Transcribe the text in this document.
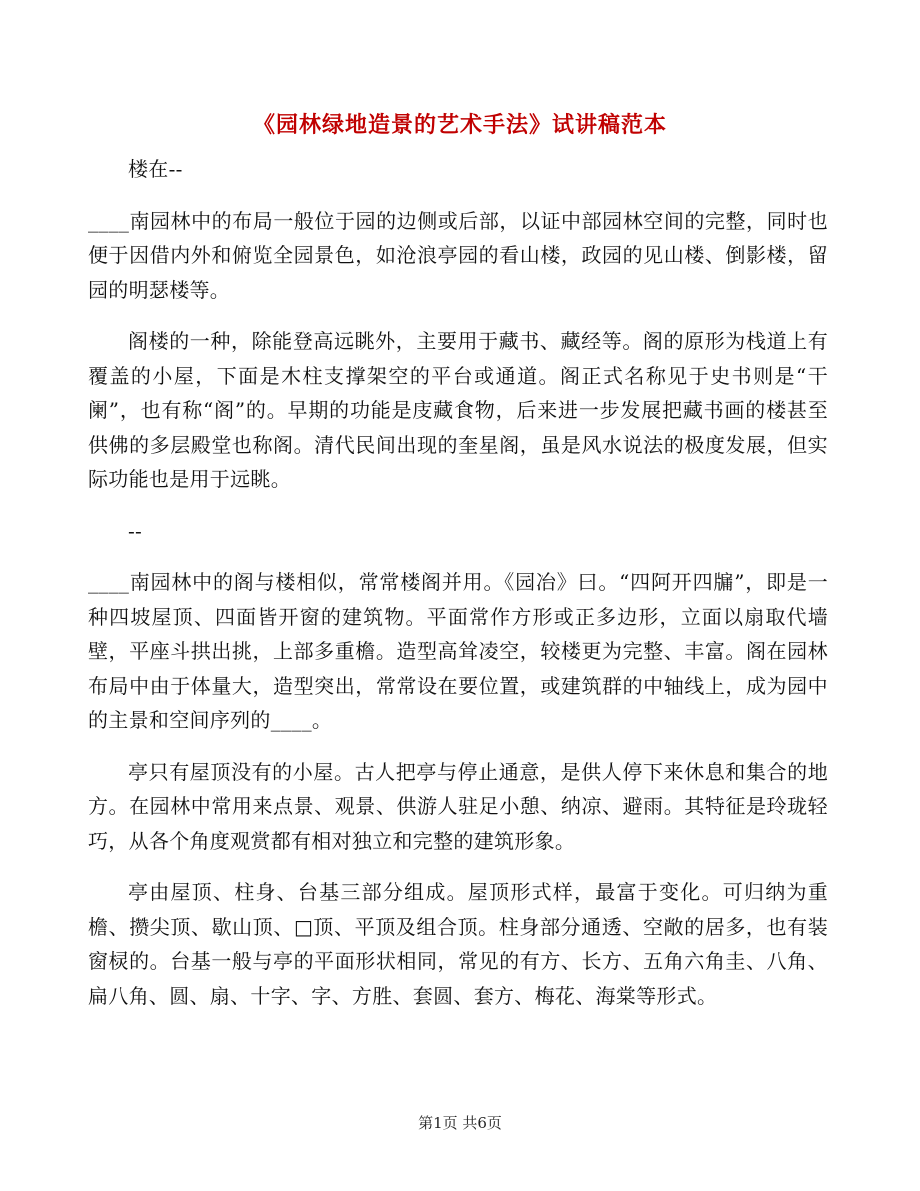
《园林绿地造景的艺术手法》试讲稿范本

楼在--

____南园林中的布局一般位于园的边侧或后部，以证中部园林空间的完整，同时也便于因借内外和俯览全园景色，如沧浪亭园的看山楼，政园的见山楼、倒影楼，留园的明瑟楼等。

阁楼的一种，除能登高远眺外，主要用于藏书、藏经等。阁的原形为栈道上有覆盖的小屋，下面是木柱支撑架空的平台或通道。阁正式名称见于史书则是“干阑”，也有称“阁”的。早期的功能是庋藏食物，后来进一步发展把藏书画的楼甚至供佛的多层殿堂也称阁。清代民间出现的奎星阁，虽是风水说法的极度发展，但实际功能也是用于远眺。

--

____南园林中的阁与楼相似，常常楼阁并用。《园冶》曰。“四阿开四牖”，即是一种四坡屋顶、四面皆开窗的建筑物。平面常作方形或正多边形，立面以扇取代墙壁，平座斗拱出挑，上部多重檐。造型高耸凌空，较楼更为完整、丰富。阁在园林布局中由于体量大，造型突出，常常设在要位置，或建筑群的中轴线上，成为园中的主景和空间序列的____。

亭只有屋顶没有的小屋。古人把亭与停止通意，是供人停下来休息和集合的地方。在园林中常用来点景、观景、供游人驻足小憩、纳凉、避雨。其特征是玲珑轻巧，从各个角度观赏都有相对独立和完整的建筑形象。

亭由屋顶、柱身、台基三部分组成。屋顶形式样，最富于变化。可归纳为重檐、攒尖顶、歇山顶、□顶、平顶及组合顶。柱身部分通透、空敞的居多，也有装窗棂的。台基一般与亭的平面形状相同，常见的有方、长方、五角六角圭、八角、扁八角、圆、扇、十字、字、方胜、套圆、套方、梅花、海棠等形式。

第1页 共6页
